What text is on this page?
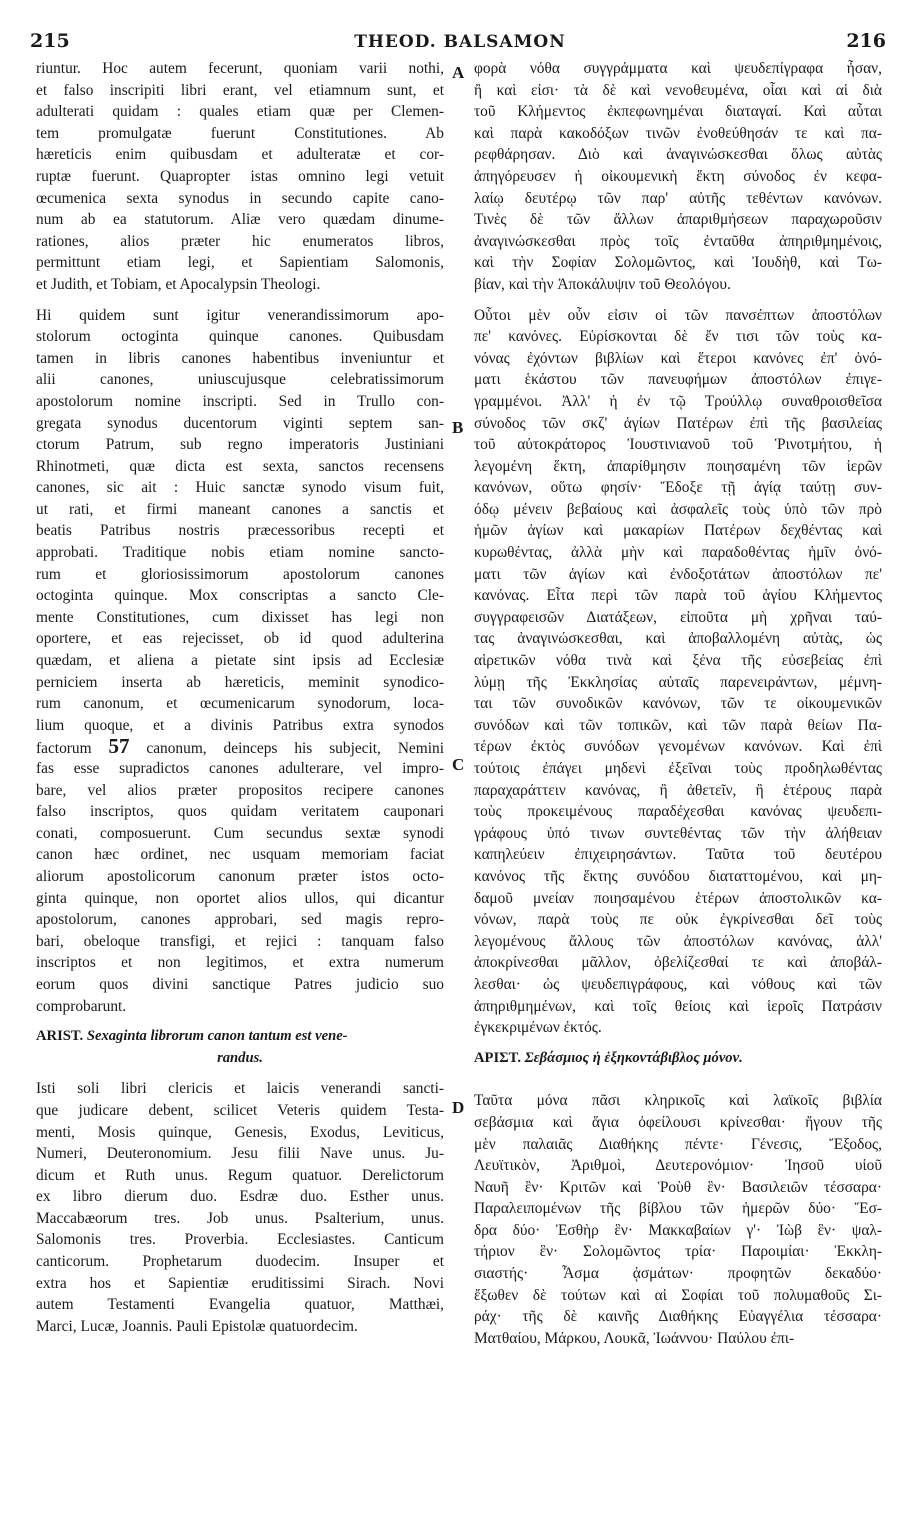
215	THEOD. BALSAMON	216
A
B
C
D
riuntur. Hoc autem fecerunt, quoniam varii nothi,
et falso inscripiti libri erant, vel etiamnum sunt, et
adulterati quidam : quales etiam quæ per Clemen-
tem promulgatæ fuerunt Constitutiones. Ab
hæreticis enim quibusdam et adulteratæ et cor-
ruptæ fuerunt. Quapropter istas omnino legi vetuit
œcumenica sexta synodus in secundo capite cano-
num ab ea statutorum. Aliæ vero quædam dinume-
rationes, alios præter hic enumeratos libros,
permittunt etiam legi, et Sapientiam Salomonis,
et Judith, et Tobiam, et Apocalypsin Theologi.
Hi quidem sunt igitur venerandissimorum apo-
stolorum octoginta quinque canones. Quibusdam
tamen in libris canones habentibus inveniuntur et
alii canones, uniuscujusque celebratissimorum
apostolorum nomine inscripti. Sed in Trullo con-
gregata synodus ducentorum viginti septem san-
ctorum Patrum, sub regno imperatoris Justiniani
Rhinotmeti, quæ dicta est sexta, sanctos recensens
canones, sic ait : Huic sanctæ synodo visum fuit,
ut rati, et firmi maneant canones a sanctis et
beatis Patribus nostris præcessoribus recepti et
approbati. Traditique nobis etiam nomine sancto-
rum et gloriosissimorum apostolorum canones
octoginta quinque. Mox conscriptas a sancto Cle-
mente Constitutiones, cum dixisset has legi non
oportere, et eas rejecisset, ob id quod adulterina
quædam, et aliena a pietate sint ipsis ad Ecclesiæ
perniciem inserta ab hæreticis, meminit synodico-
rum canonum, et œcumenicarum synodorum, loca-
lium quoque, et a divinis Patribus extra synodos
factorum 57 canonum, deinceps his subjecit, Nemini
fas esse supradictos canones adulterare, vel impro-
bare, vel alios præter propositos recipere canones
falso inscriptos, quos quidam veritatem cauponari
conati, composuerunt. Cum secundus sextæ synodi
canon hæc ordinet, nec usquam memoriam faciat
aliorum apostolicorum canonum præter istos octo-
ginta quinque, non oportet alios ullos, qui dicantur
apostolorum, canones approbari, sed magis repro-
bari, obeloque transfigi, et rejici : tanquam falso
inscriptos et non legitimos, et extra numerum
eorum quos divini sanctique Patres judicio suo
comprobarunt.
ARIST. Sexaginta librorum canon tantum est vene-
randus.
Isti soli libri clericis et laicis venerandi sancti-
que judicare debent, scilicet Veteris quidem Testa-
menti, Mosis quinque, Genesis, Exodus, Leviticus,
Numeri, Deuteronomium. Jesu filii Nave unus. Ju-
dicum et Ruth unus. Regum quatuor. Derelictorum
ex libro dierum duo. Esdræ duo. Esther unus.
Maccabæorum tres. Job unus. Psalterium, unus.
Salomonis tres. Proverbia. Ecclesiastes. Canticum
canticorum. Prophetarum duodecim. Insuper et
extra hos et Sapientiæ eruditissimi Sirach. Novi
autem Testamenti Evangelia quatuor, Matthæi,
Marci, Lucæ, Joannis. Pauli Epistolæ quatuordecim.
φορὰ νόθα συγγράμματα καὶ ψευδεπίγραφα ἦσαν,
ἢ καὶ εἰσι· τὰ δὲ καὶ νενοθευμένα, οἷαι καὶ αἱ διὰ
τοῦ Κλήμεντος ἐκπεφωνημέναι διαταγαί. Καὶ αὗται
καὶ παρὰ κακοδόξων τινῶν ἐνοθεύθησάν τε καὶ πα-
ρεφθάρησαν. Διὸ καὶ ἀναγινώσκεσθαι ὅλως αὐτὰς
ἀπηγόρευσεν ἡ οἰκουμενικὴ ἕκτη σύνοδος ἐν κεφα-
λαίῳ δευτέρῳ τῶν παρ' αὐτῆς τεθέντων κανόνων.
Τινὲς δὲ τῶν ἄλλων ἀπαριθμήσεων παραχωροῦσιν
ἀναγινώσκεσθαι πρὸς τοῖς ἐνταῦθα ἀπηριθμημένοις,
καὶ τὴν Σοφίαν Σολομῶντος, καὶ Ἰουδὴθ, καὶ Τω-
βίαν, καὶ τὴν Ἀποκάλυψιν τοῦ Θεολόγου.
Οὗτοι μὲν οὖν εἰσιν οἱ τῶν πανσέπτων ἀποστόλων
πε' κανόνες. Εὑρίσκονται δὲ ἔν τισι τῶν τοὺς κα-
νόνας ἐχόντων βιβλίων καὶ ἕτεροι κανόνες ἐπ' ὀνό-
ματι ἑκάστου τῶν πανευφήμων ἀποστόλων ἐπιγε-
γραμμένοι. Ἀλλ' ἡ ἐν τῷ Τρούλλῳ συναθροισθεῖσα
σύνοδος τῶν σκζ' ἁγίων Πατέρων ἐπὶ τῆς βασιλείας
τοῦ αὐτοκράτορος Ἰουστινιανοῦ τοῦ Ῥινοτμήτου, ἡ
λεγομένη ἕκτη, ἀπαρίθμησιν ποιησαμένη τῶν ἱερῶν
κανόνων, οὕτω φησίν· Ἔδοξε τῇ ἁγίᾳ ταύτῃ συν-
όδῳ μένειν βεβαίους καὶ ἀσφαλεῖς τοὺς ὑπὸ τῶν πρὸ
ἡμῶν ἁγίων καὶ μακαρίων Πατέρων δεχθέντας καὶ
κυρωθέντας, ἀλλὰ μὴν καὶ παραδοθέντας ἡμῖν ὀνό-
ματι τῶν ἁγίων καὶ ἐνδοξοτάτων ἀποστόλων πε'
κανόνας. Εἶτα περὶ τῶν παρὰ τοῦ ἁγίου Κλήμεντος
συγγραφεισῶν Διατάξεων, εἰποῦτα μὴ χρῆναι ταύ-
τας ἀναγινώσκεσθαι, καὶ ἀποβαλλομένη αὐτὰς, ὡς
αἱρετικῶν νόθα τινὰ καὶ ξένα τῆς εὐσεβείας ἐπὶ
λύμῃ τῆς Ἐκκλησίας αὐταῖς παρενειράντων, μέμνη-
ται τῶν συνοδικῶν κανόνων, τῶν τε οἰκουμενικῶν
συνόδων καὶ τῶν τοπικῶν, καὶ τῶν παρὰ θείων Πα-
τέρων ἐκτὸς συνόδων γενομένων κανόνων. Καὶ ἐπὶ
τούτοις ἐπάγει μηδενὶ ἐξεῖναι τοὺς προδηλωθέντας
παραχαράττειν κανόνας, ἢ ἀθετεῖν, ἢ ἑτέρους παρὰ
τοὺς προκειμένους παραδέχεσθαι κανόνας ψευδεπι-
γράφους ὑπό τινων συντεθέντας τῶν τὴν ἀλήθειαν
καπηλεύειν ἐπιχειρησάντων. Ταῦτα τοῦ δευτέρου
κανόνος τῆς ἕκτης συνόδου διαταττομένου, καὶ μη-
δαμοῦ μνείαν ποιησαμένου ἑτέρων ἀποστολικῶν κα-
νόνων, παρὰ τοὺς πε οὐκ ἐγκρίνεσθαι δεῖ τοὺς
λεγομένους ἄλλους τῶν ἀποστόλων κανόνας, ἀλλ'
ἀποκρίνεσθαι μᾶλλον, ὀβελίζεσθαί τε καὶ ἀποβάλ-
λεσθαι· ὡς ψευδεπιγράφους, καὶ νόθους καὶ τῶν
ἀπηριθμημένων, καὶ τοῖς θείοις καὶ ἱεροῖς Πατράσιν
ἐγκεκριμένων ἐκτός.
ΑΡΙΣΤ. Σεβάσμιος ἡ ἑξηκοντάβιβλος μόνον.
Ταῦτα μόνα πᾶσι κληρικοῖς καὶ λαϊκοῖς βιβλία
σεβάσμια καὶ ἅγια ὀφείλουσι κρίνεσθαι· ἤγουν τῆς
μὲν παλαιᾶς Διαθήκης πέντε· Γένεσις, Ἔξοδος,
Λευϊτικὸν, Ἀριθμοὶ, Δευτερονόμιον· Ἰησοῦ υἱοῦ
Ναυῆ ἓν· Κριτῶν καὶ Ῥοὺθ ἓν· Βασιλειῶν τέσσαρα·
Παραλειπομένων τῆς βίβλου τῶν ἡμερῶν δύο· Ἔσ-
δρα δύο· Ἐσθὴρ ἓν· Μακκαβαίων γ'· Ἰὼβ ἓν· ψαλ-
τήριον ἓν· Σολομῶντος τρία· Παροιμίαι· Ἐκκλη-
σιαστής· Ἆσμα ᾀσμάτων· προφητῶν δεκαδύο·
ἔξωθεν δὲ τούτων καὶ αἱ Σοφίαι τοῦ πολυμαθοῦς Σι-
ράχ· τῆς δὲ καινῆς Διαθήκης Εὐαγγέλια τέσσαρα·
Ματθαίου, Μάρκου, Λουκᾶ, Ἰωάννου· Παύλου ἐπι-
